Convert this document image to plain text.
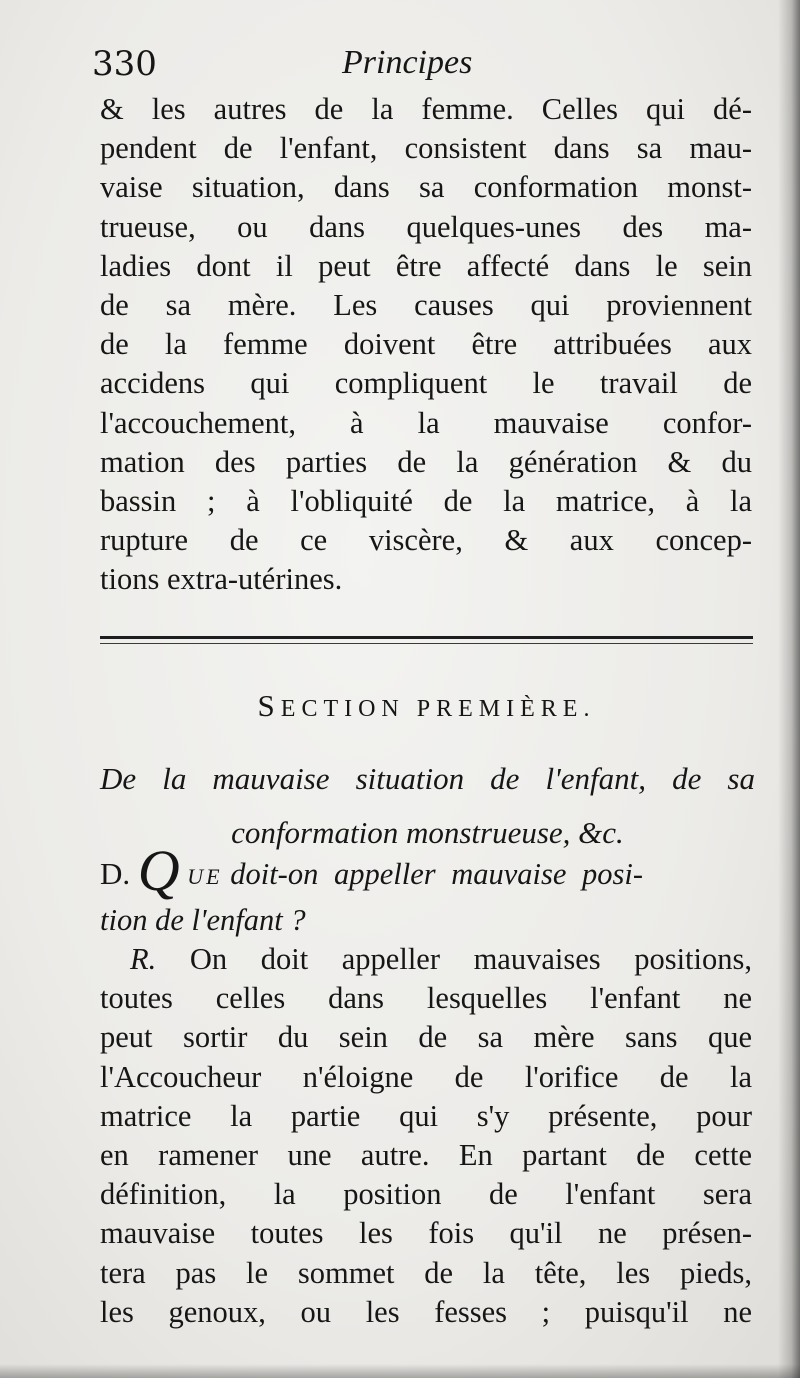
330	Principes
& les autres de la femme. Celles qui dé-
pendent de l'enfant, consistent dans sa mau-
vaise situation, dans sa conformation monst-
trueuse, ou dans quelques-unes des ma-
ladies dont il peut être affecté dans le sein
de sa mère. Les causes qui proviennent
de la femme doivent être attribuées aux
accidens qui compliquent le travail de
l'accouchement, à la mauvaise confor-
mation des parties de la génération & du
bassin ; à l'obliquité de la matrice, à la
rupture de ce viscère, & aux concep-
tions extra-utérines.
SECTION PREMIÈRE.
De la mauvaise situation de l'enfant, de sa
conformation monstrueuse, &c.
D. Q UE doit-on appeller mauvaise posi-
tion de l'enfant ?
R. On doit appeller mauvaises positions,
toutes celles dans lesquelles l'enfant ne
peut sortir du sein de sa mère sans que
l'Accoucheur n'éloigne de l'orifice de la
matrice la partie qui s'y présente, pour
en ramener une autre. En partant de cette
définition, la position de l'enfant sera
mauvaise toutes les fois qu'il ne présen-
tera pas le sommet de la tête, les pieds,
les genoux, ou les fesses ; puisqu'il ne
